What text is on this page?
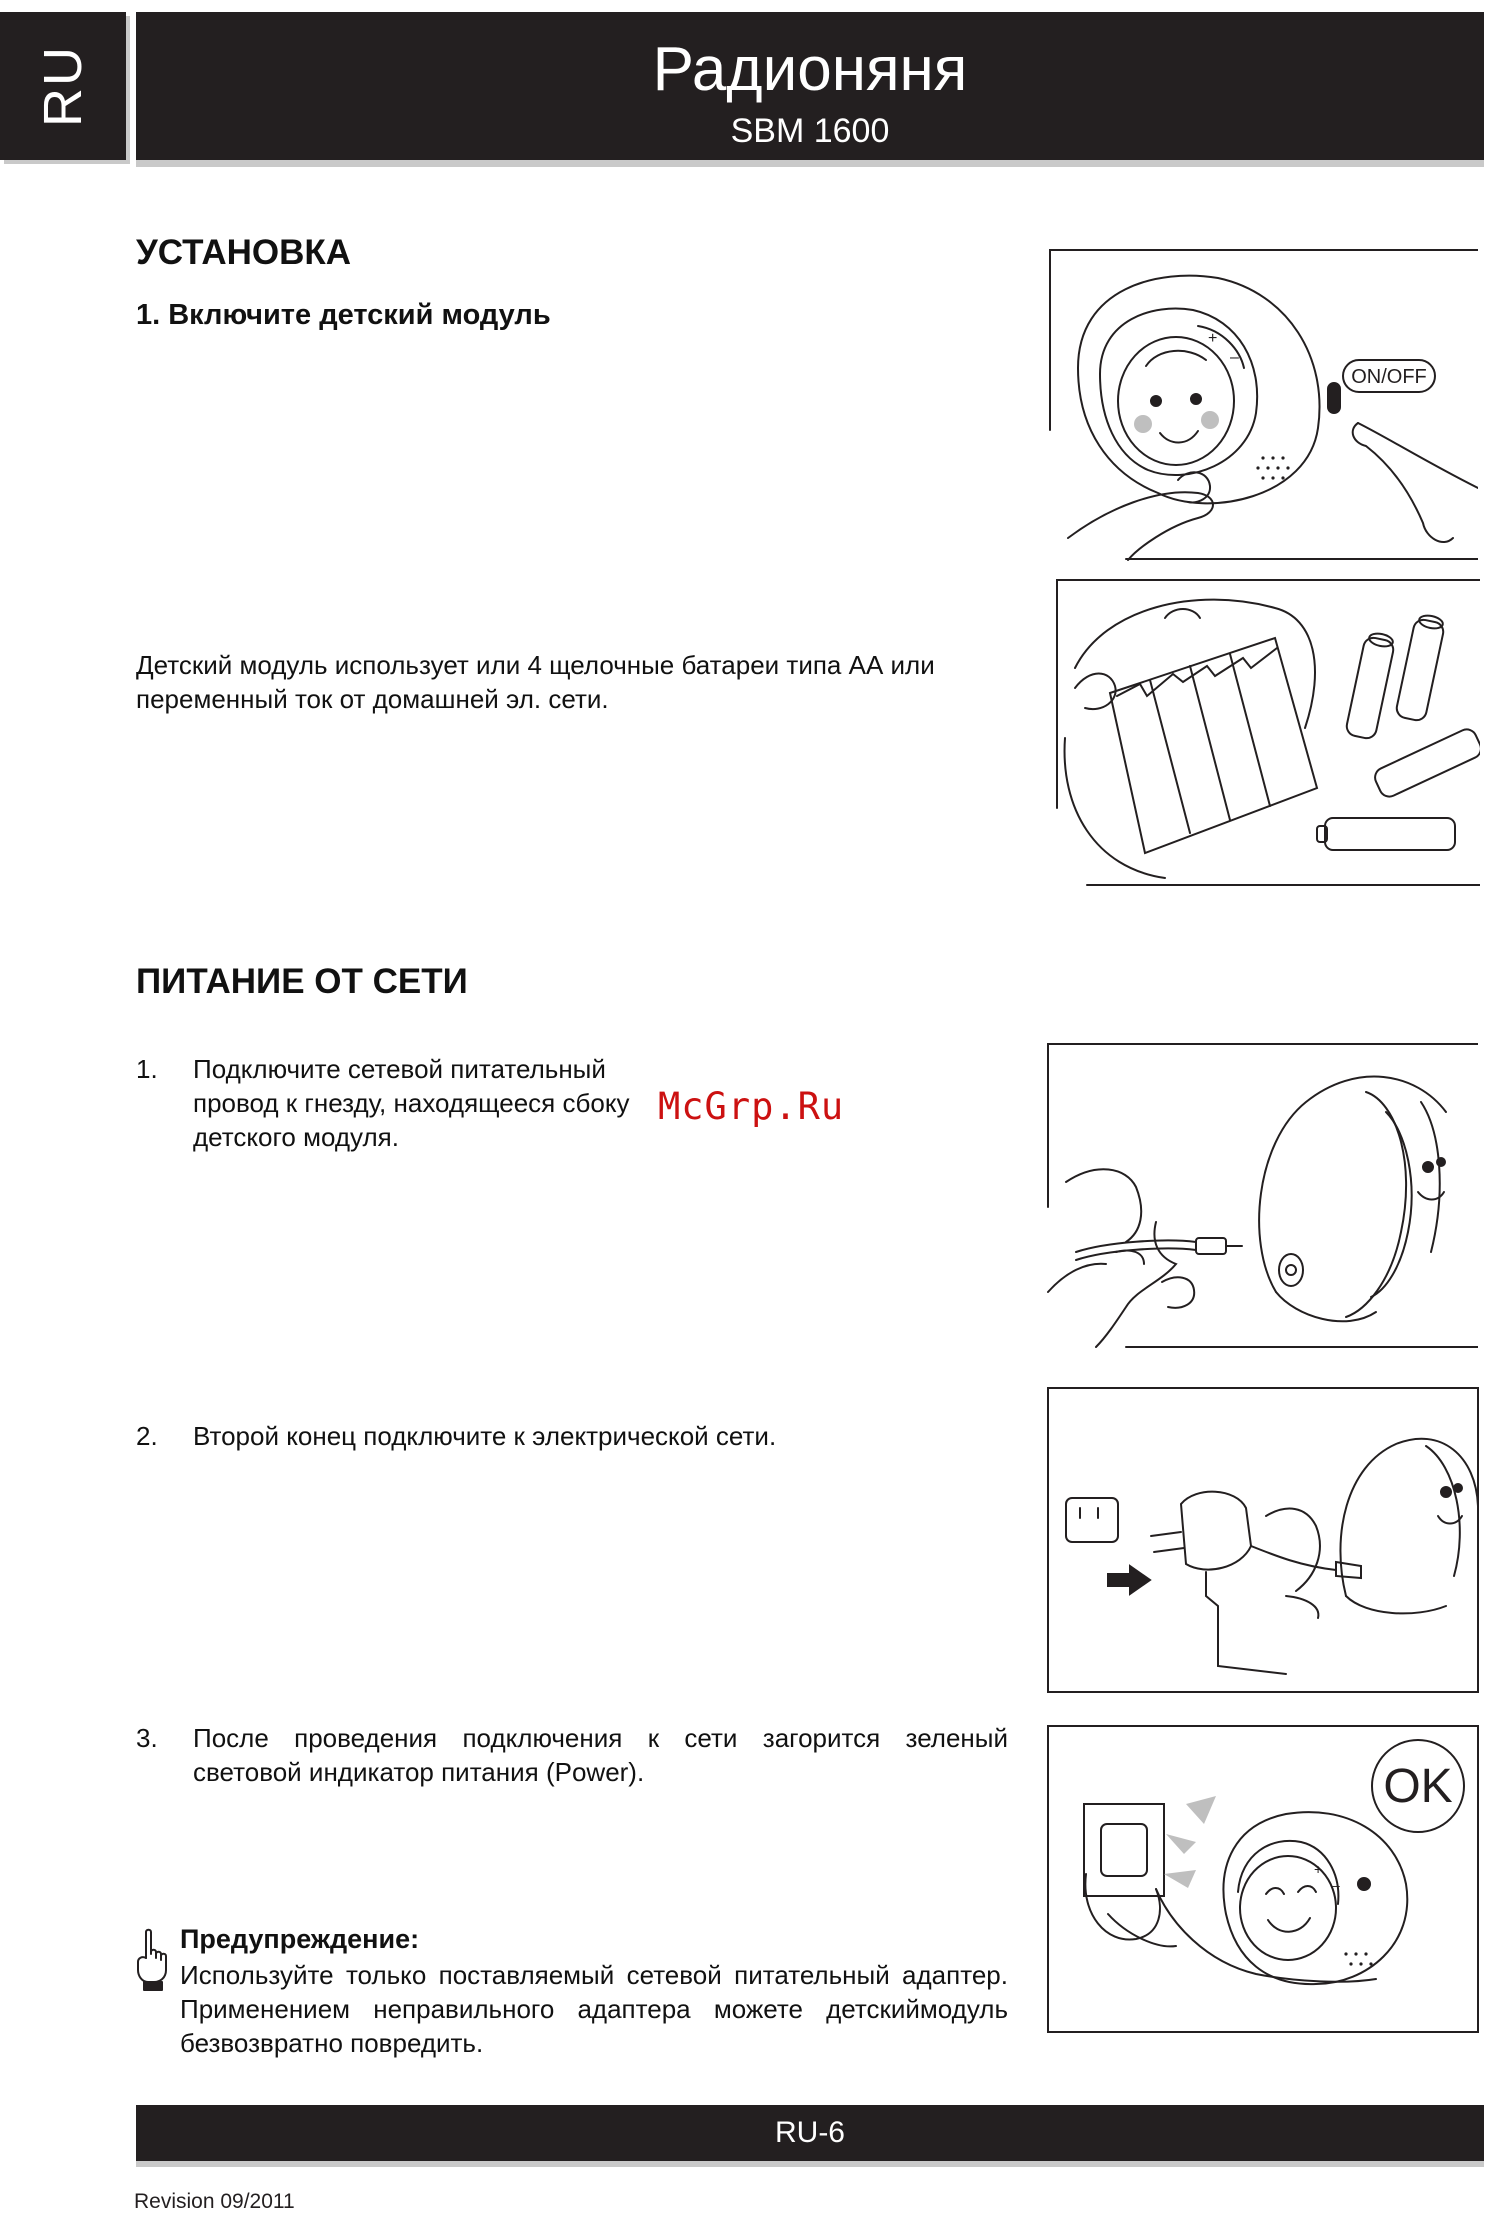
RU	Радионяня
SBM 1600
УСТАНОВКА
1. Включите детский модуль
Детский модуль использует или 4 щелочные батареи типа АА или переменный ток от домашней эл. сети.
+
–
ON/OFF
ПИТАНИЕ ОТ СЕТИ
1. Подключите сетевой питательный провод к гнезду, находящееся сбоку детского модуля.
McGrp.Ru
2. Второй конец подключите к электрической сети.
3. После проведения подключения к сети загорится зеленый световой индикатор питания (Power).	OK
+
–
Предупреждение:
Используйте только поставляемый сетевой питательный адаптер. Применением неправильного адаптера можете детскиймодуль безвозвратно повредить.
RU-6
Revision 09/2011
